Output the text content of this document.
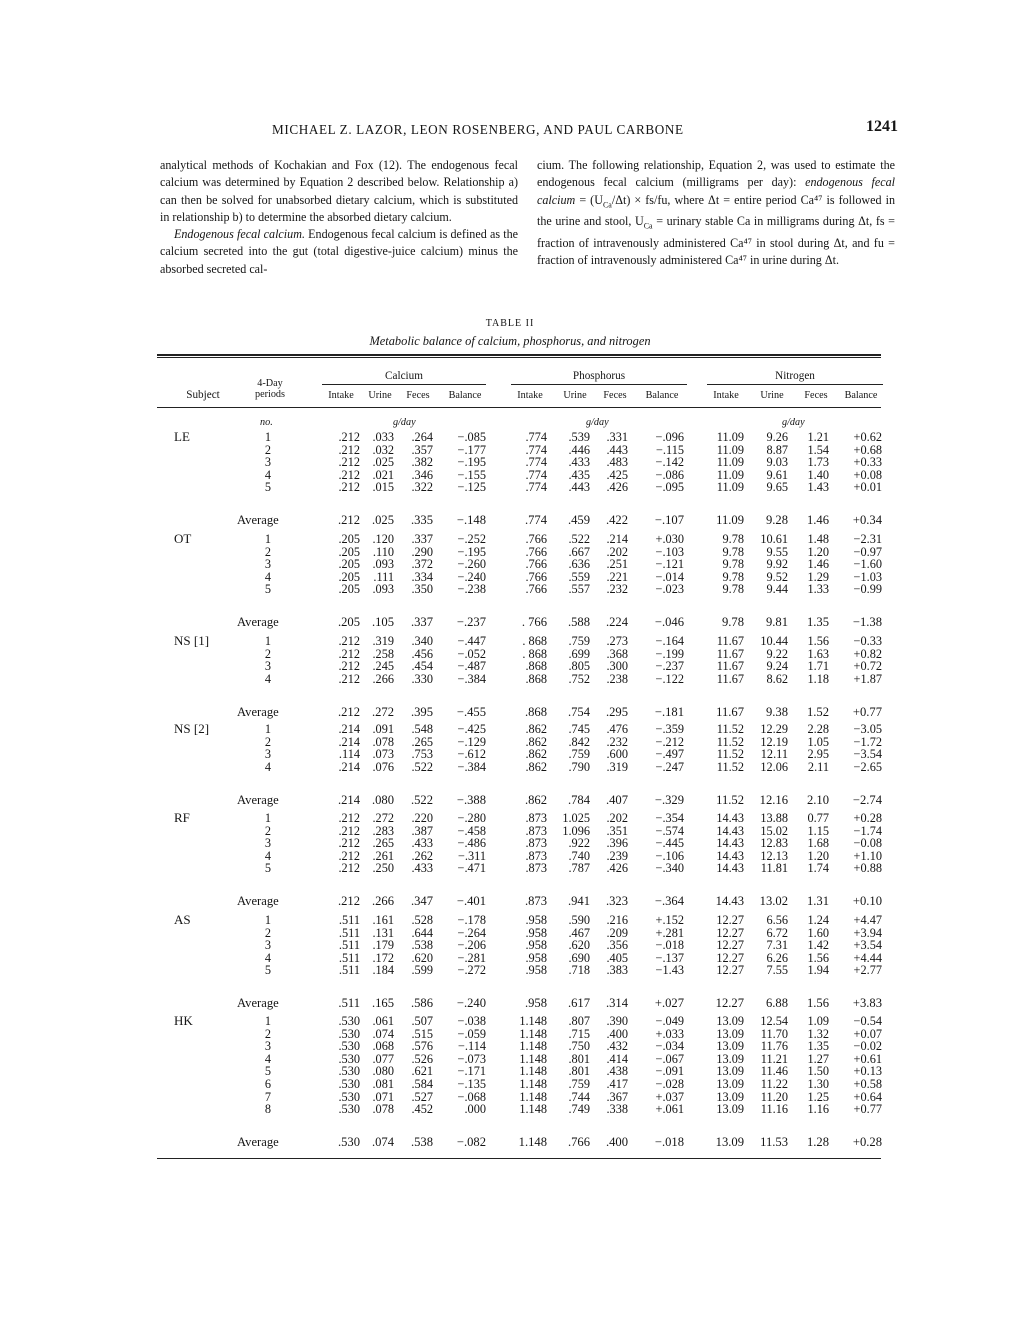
MICHAEL Z. LAZOR, LEON ROSENBERG, AND PAUL CARBONE	1241

analytical methods of Kochakian and Fox (12). The endogenous fecal calcium was determined by Equation 2 described below. Relationship a) can then be solved for unabsorbed dietary calcium, which is substituted in relationship b) to determine the absorbed dietary calcium.

Endogenous fecal calcium. Endogenous fecal calcium is defined as the calcium secreted into the gut (total digestive-juice calcium) minus the absorbed secreted cal-

cium. The following relationship, Equation 2, was used to estimate the endogenous fecal calcium (milligrams per day): endogenous fecal calcium = $(U_{Ca}/\Delta t) \times fs/fu$, where Δt = entire period Ca⁴⁷ is followed in the urine and stool, $U_{Ca}$ = urinary stable Ca in milligrams during Δt, fs = fraction of intravenously administered Ca⁴⁷ in stool during Δt, and fu = fraction of intravenously administered Ca⁴⁷ in urine during Δt.

TABLE II
Metabolic balance of calcium, phosphorus, and nitrogen
Subject
4-Day
periods
Calcium	Phosphorus	Nitrogen
Intake	Urine	Feces	Balance	Intake	Urine	Feces	Balance	Intake	Urine	Feces	Balance
no.	g/day	g/day	g/day
LE	1	.212 .033 .264 −.085	.774 .539 .331 −.096	11.09 9.26 1.21 +0.62
2	.212 .032 .357 −.177	.774 .446 .443 −.115	11.09 8.87 1.54 +0.68
3	.212 .025 .382 −.195	.774 .433 .483 −.142	11.09 9.03 1.73 +0.33
4	.212 .021 .346 −.155	.774 .435 .425 −.086	11.09 9.61 1.40 +0.08
5	.212 .015 .322 −.125	.774 .443 .426 −.095	11.09 9.65 1.43 +0.01
Average	.212 .025 .335 −.148	.774 .459 .422 −.107	11.09 9.28 1.46 +0.34
OT	1	.205 .120 .337 −.252	.766 .522 .214 +.030	9.78 10.61 1.48 −2.31
2	.205 .110 .290 −.195	.766 .667 .202 −.103	9.78 9.55 1.20 −0.97
3	.205 .093 .372 −.260	.766 .636 .251 −.121	9.78 9.92 1.46 −1.60
4	.205 .111 .334 −.240	.766 .559 .221 −.014	9.78 9.52 1.29 −1.03
5	.205 .093 .350 −.238	.766 .557 .232 −.023	9.78 9.44 1.33 −0.99
Average	.205 .105 .337 −.237	. 766 .588 .224 −.046	9.78 9.81 1.35 −1.38
NS [1]	1	.212 .319 .340 −.447	. 868 .759 .273 −.164	11.67 10.44 1.56 −0.33
2	.212 .258 .456 −.052	. 868 .699 .368 −.199	11.67 9.22 1.63 +0.82
3	.212 .245 .454 −.487	.868 .805 .300 −.237	11.67 9.24 1.71 +0.72
4	.212 .266 .330 −.384	.868 .752 .238 −.122	11.67 8.62 1.18 +1.87
Average	.212 .272 .395 −.455	.868 .754 .295 −.181	11.67 9.38 1.52 +0.77
NS [2]	1	.214 .091 .548 −.425	.862 .745 .476 −.359	11.52 12.29 2.28 −3.05
2	.214 .078 .265 −.129	.862 .842 .232 −.212	11.52 12.19 1.05 −1.72
3	.114 .073 .753 −.612	.862 .759 .600 −.497	11.52 12.11 2.95 −3.54
4	.214 .076 .522 −.384	.862 .790 .319 −.247	11.52 12.06 2.11 −2.65
Average	.214 .080 .522 −.388	.862 .784 .407 −.329	11.52 12.16 2.10 −2.74
RF	1	.212 .272 .220 −.280	.873 1.025 .202 −.354	14.43 13.88 0.77 +0.28
2	.212 .283 .387 −.458	.873 1.096 .351 −.574	14.43 15.02 1.15 −1.74
3	.212 .265 .433 −.486	.873 .922 .396 −.445	14.43 12.83 1.68 −0.08
4	.212 .261 .262 −.311	.873 .740 .239 −.106	14.43 12.13 1.20 +1.10
5	.212 .250 .433 −.471	.873 .787 .426 −.340	14.43 11.81 1.74 +0.88
Average	.212 .266 .347 −.401	.873 .941 .323 −.364	14.43 13.02 1.31 +0.10
AS	1	.511 .161 .528 −.178	.958 .590 .216 +.152	12.27 6.56 1.24 +4.47
2	.511 .131 .644 −.264	.958 .467 .209 +.281	12.27 6.72 1.60 +3.94
3	.511 .179 .538 −.206	.958 .620 .356 −.018	12.27 7.31 1.42 +3.54
4	.511 .172 .620 −.281	.958 .690 .405 −.137	12.27 6.26 1.56 +4.44
5	.511 .184 .599 −.272	.958 .718 .383 −1.43	12.27 7.55 1.94 +2.77
Average	.511 .165 .586 −.240	.958 .617 .314 +.027	12.27 6.88 1.56 +3.83
HK	1	.530 .061 .507 −.038	1.148 .807 .390 −.049	13.09 12.54 1.09 −0.54
2	.530 .074 .515 −.059	1.148 .715 .400 +.033	13.09 11.70 1.32 +0.07
3	.530 .068 .576 −.114	1.148 .750 .432 −.034	13.09 11.76 1.35 −0.02
4	.530 .077 .526 −.073	1.148 .801 .414 −.067	13.09 11.21 1.27 +0.61
5	.530 .080 .621 −.171	1.148 .801 .438 −.091	13.09 11.46 1.50 +0.13
6	.530 .081 .584 −.135	1.148 .759 .417 −.028	13.09 11.22 1.30 +0.58
7	.530 .071 .527 −.068	1.148 .744 .367 +.037	13.09 11.20 1.25 +0.64
8	.530 .078 .452	.000	1.148 .749 .338 +.061	13.09 11.16 1.16 +0.77
Average	.530 .074 .538 −.082	1.148 .766 .400 −.018	13.09 11.53 1.28 +0.28
